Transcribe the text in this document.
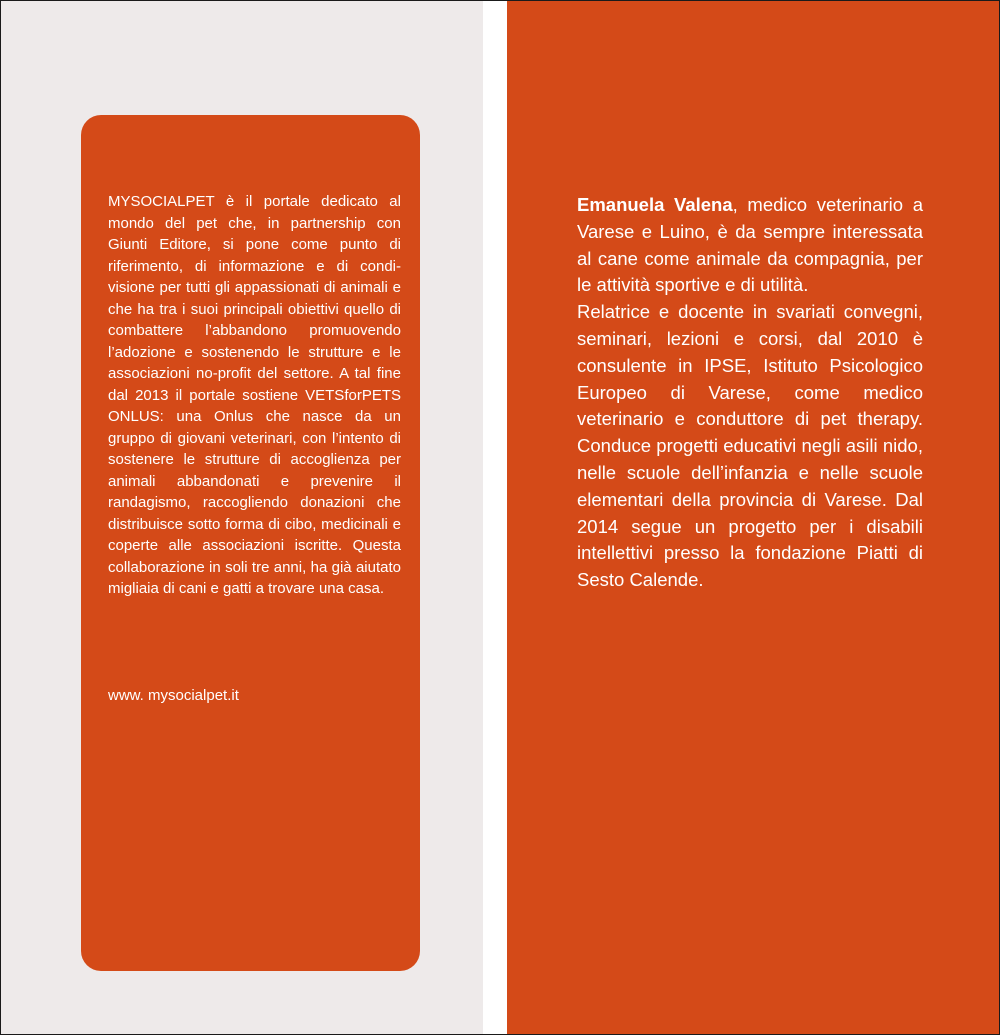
MYSOCIALPET è il portale dedicato al mondo del pet che, in partnership con Giunti Editore, si pone come punto di riferimento, di informazione e di condivisione per tutti gli appassionati di animali e che ha tra i suoi principali obiettivi quello di combattere l’abbandono promuovendo l’adozione e sostenendo le strutture e le associazioni no-profit del settore. A tal fine dal 2013 il portale sostiene VETSforPETS ONLUS: una Onlus che nasce da un gruppo di giovani veterinari, con l’intento di sostenere le strutture di accoglienza per animali abbandonati e prevenire il randagismo, raccogliendo donazioni che distribuisce sotto forma di cibo, medicinali e coperte alle associazioni iscritte. Questa collaborazione in soli tre anni, ha già aiutato migliaia di cani e gatti a trovare una casa.

www. mysocialpet.it

Emanuela Valena, medico veterinario a Varese e Luino, è da sempre interessata al cane come animale da compagnia, per le attività sportive e di utilità.

Relatrice e docente in svariati convegni, seminari, lezioni e corsi, dal 2010 è consulente in IPSE, Istituto Psicologico Europeo di Varese, come medico veterinario e conduttore di pet therapy. Conduce progetti educativi negli asili nido, nelle scuole dell’infanzia e nelle scuole elementari della provincia di Varese. Dal 2014 segue un progetto per i disabili intellettivi presso la fondazione Piatti di Sesto Calende.
